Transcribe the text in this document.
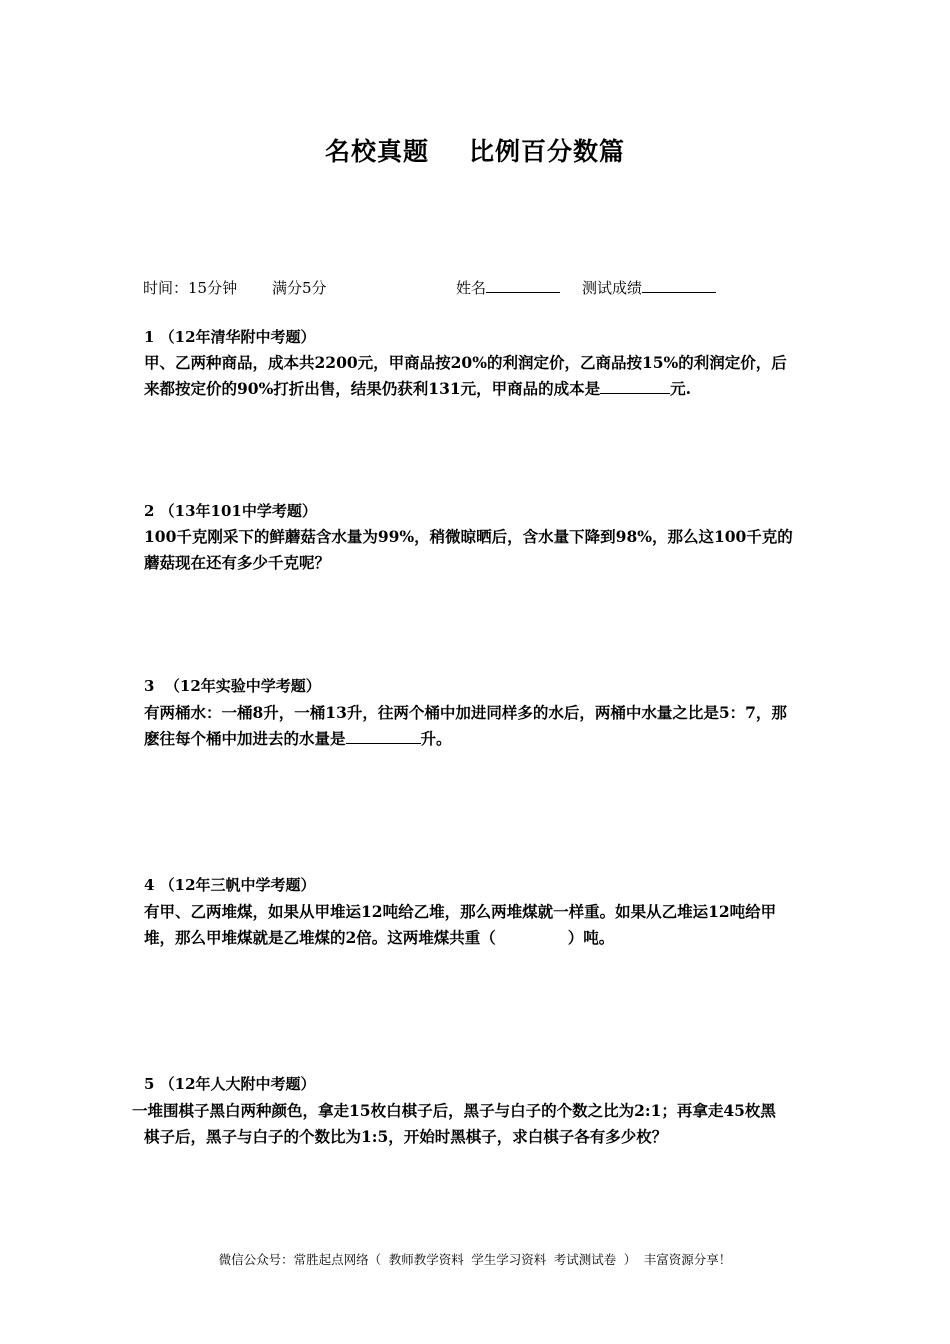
名校真题 比例百分数篇
时间：15分钟 满分5分	姓名	测试成绩
1 （12年清华附中考题）
甲、乙两种商品，成本共2200元，甲商品按20%的利润定价，乙商品按15%的利润定价，后
来都按定价的90%打折出售，结果仍获利131元，甲商品的成本是	元.
2 （13年101中学考题）
100千克刚采下的鲜蘑菇含水量为99%，稍微晾晒后，含水量下降到98%，那么这100千克的
蘑菇现在还有多少千克呢？
3  （12年实验中学考题）
有两桶水：一桶8升，一桶13升，往两个桶中加进同样多的水后，两桶中水量之比是5：7，那
麽往每个桶中加进去的水量是	升。
4 （12年三帆中学考题）
有甲、乙两堆煤，如果从甲堆运12吨给乙堆，那么两堆煤就一样重。如果从乙堆运12吨给甲
堆，那么甲堆煤就是乙堆煤的2倍。这两堆煤共重（	）吨。
5 （12年人大附中考题）
一堆围棋子黑白两种颜色，拿走15枚白棋子后，黑子与白子的个数之比为2:1；再拿走45枚黑
棋子后，黑子与白子的个数比为1:5，开始时黑棋子，求白棋子各有多少枚？
微信公众号：常胜起点网络（ 教师教学资料 学生学习资料 考试测试卷 ） 丰富资源分享！
